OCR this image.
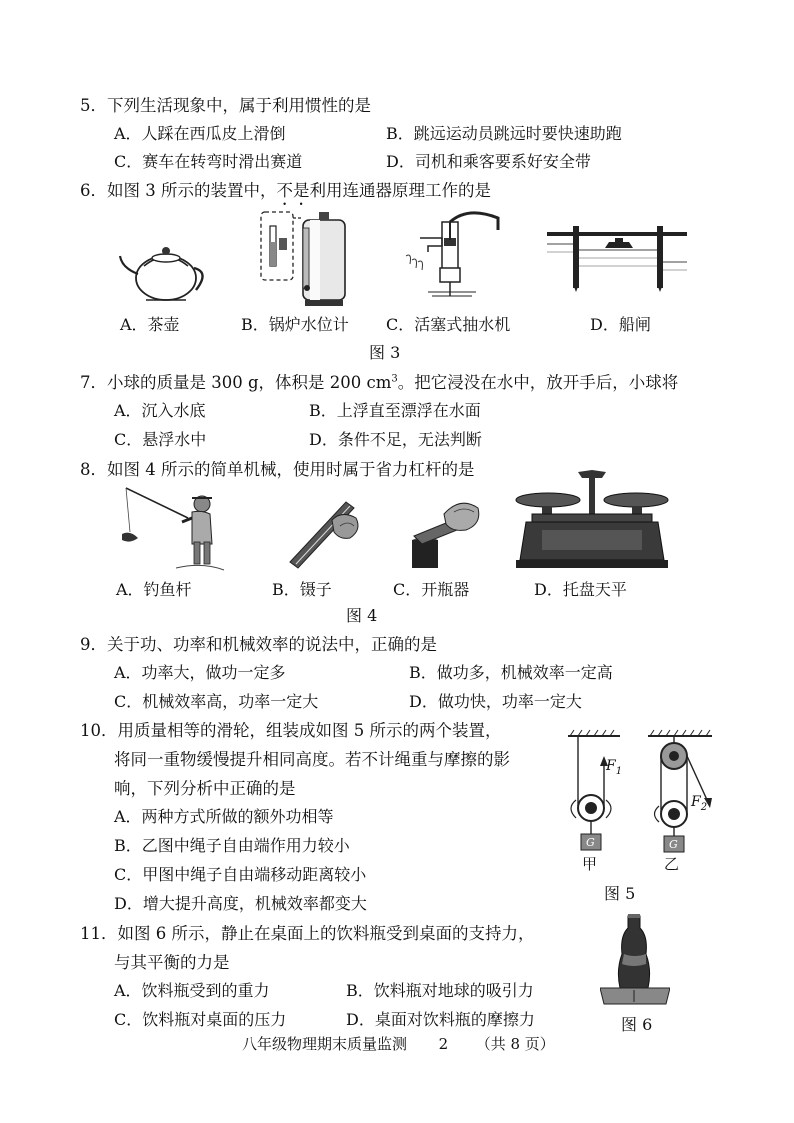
5．下列生活现象中，属于利用惯性的是
A．人踩在西瓜皮上滑倒	B．跳远运动员跳远时要快速助跑
C．赛车在转弯时滑出赛道	D．司机和乘客要系好安全带
6．如图 3 所示的装置中，不是利用连通器原理工作的是
A．茶壶	B．锅炉水位计 C．活塞式抽水机	D．船闸
图 3
7．小球的质量是 300 g，体积是 200 $cm^3$。把它浸没在水中，放开手后，小球将
A．沉入水底	B．上浮直至漂浮在水面
C．悬浮水中	D．条件不足，无法判断
8．如图 4 所示的简单机械，使用时属于省力杠杆的是
A．钓鱼杆	B．镊子	C．开瓶器	D．托盘天平
图 4
9．关于功、功率和机械效率的说法中，正确的是
A．功率大，做功一定多	B．做功多，机械效率一定高
C．机械效率高，功率一定大	D．做功快，功率一定大
10．用质量相等的滑轮，组装成如图 5 所示的两个装置，
将同一重物缓慢提升相同高度。若不计绳重与摩擦的影
响，下列分析中正确的是
A．两种方式所做的额外功相等
B．乙图中绳子自由端作用力较小
C．甲图中绳子自由端移动距离较小
D．增大提升高度，机械效率都变大
$F_1$
$F_2$
G	G
甲	乙
图 5
11．如图 6 所示，静止在桌面上的饮料瓶受到桌面的支持力，
与其平衡的力是
A．饮料瓶受到的重力	B．饮料瓶对地球的吸引力
C．饮料瓶对桌面的压力	D．桌面对饮料瓶的摩擦力	图 6
八年级物理期末质量监测 2 （共 8 页）
